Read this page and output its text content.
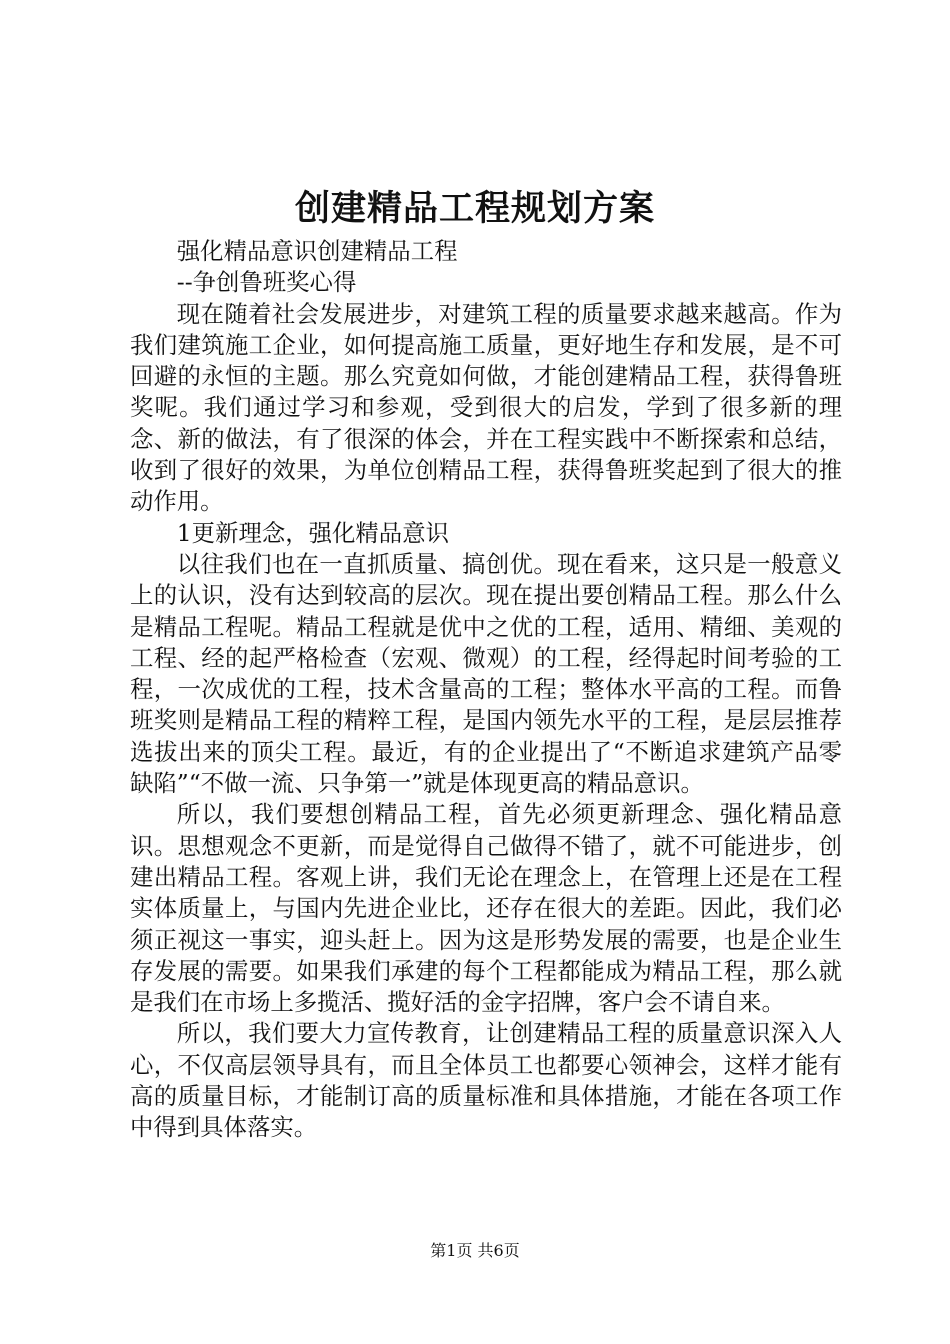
创建精品工程规划方案

强化精品意识创建精品工程

--争创鲁班奖心得

现在随着社会发展进步，对建筑工程的质量要求越来越高。作为我们建筑施工企业，如何提高施工质量，更好地生存和发展，是不可回避的永恒的主题。那么究竟如何做，才能创建精品工程，获得鲁班奖呢。我们通过学习和参观，受到很大的启发，学到了很多新的理念、新的做法，有了很深的体会，并在工程实践中不断探索和总结，收到了很好的效果，为单位创精品工程，获得鲁班奖起到了很大的推动作用。

1更新理念，强化精品意识

以往我们也在一直抓质量、搞创优。现在看来，这只是一般意义上的认识，没有达到较高的层次。现在提出要创精品工程。那么什么是精品工程呢。精品工程就是优中之优的工程，适用、精细、美观的工程、经的起严格检查（宏观、微观）的工程，经得起时间考验的工程，一次成优的工程，技术含量高的工程；整体水平高的工程。而鲁班奖则是精品工程的精粹工程，是国内领先水平的工程，是层层推荐选拔出来的顶尖工程。最近，有的企业提出了“不断追求建筑产品零缺陷”“不做一流、只争第一”就是体现更高的精品意识。

所以，我们要想创精品工程，首先必须更新理念、强化精品意识。思想观念不更新，而是觉得自己做得不错了，就不可能进步，创建出精品工程。客观上讲，我们无论在理念上，在管理上还是在工程实体质量上，与国内先进企业比，还存在很大的差距。因此，我们必须正视这一事实，迎头赶上。因为这是形势发展的需要，也是企业生存发展的需要。如果我们承建的每个工程都能成为精品工程，那么就是我们在市场上多揽活、揽好活的金字招牌，客户会不请自来。

所以，我们要大力宣传教育，让创建精品工程的质量意识深入人心，不仅高层领导具有，而且全体员工也都要心领神会，这样才能有高的质量目标，才能制订高的质量标准和具体措施，才能在各项工作中得到具体落实。

第1页 共6页
